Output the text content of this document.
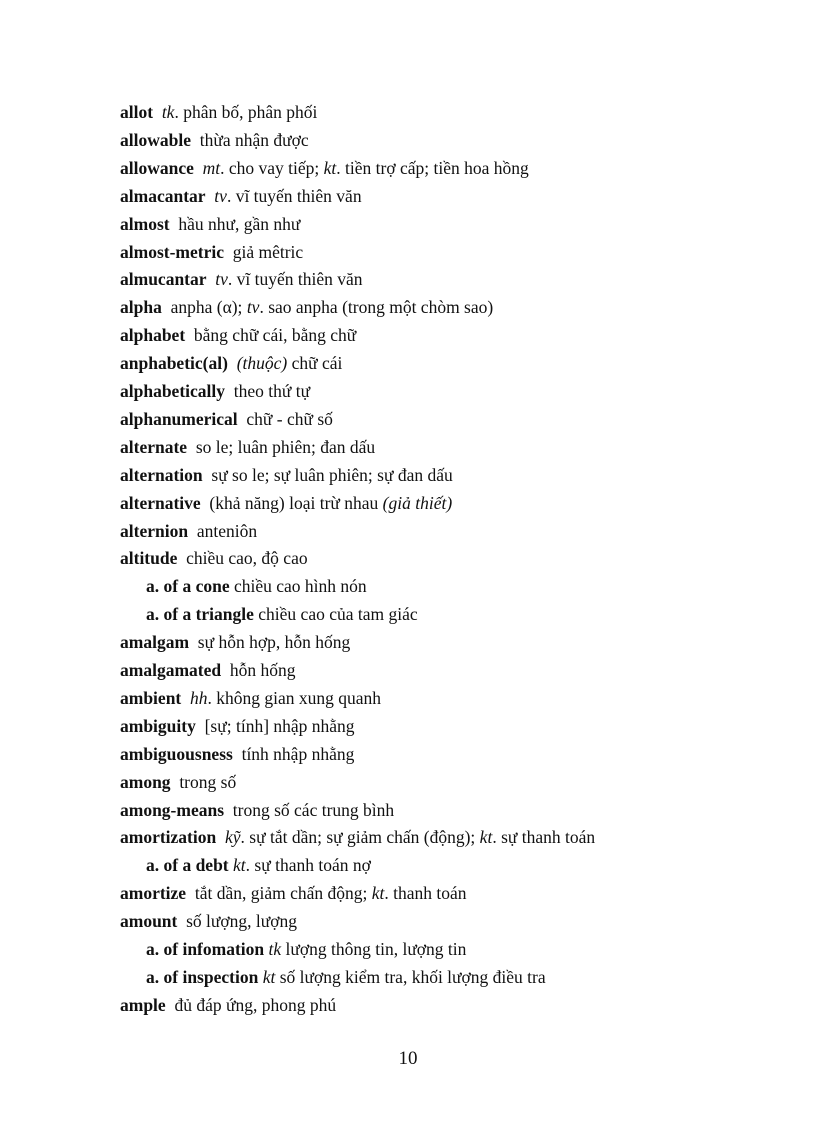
allot tk. phân bố, phân phối
allowable  thừa nhận được
allowance mt. cho vay tiếp; kt. tiền trợ cấp; tiền hoa hồng
almacantar tv. vĩ tuyến thiên văn
almost  hầu như, gần như
almost-metric  giả mêtric
almucantar tv. vĩ tuyến thiên văn
alpha  anpha (α); tv. sao anpha (trong một chòm sao)
alphabet  bằng chữ cái, bằng chữ
anphabetic(al) (thuộc) chữ cái
alphabetically  theo thứ tự
alphanumerical  chữ - chữ số
alternate  so le; luân phiên; đan dấu
alternation  sự so le; sự luân phiên; sự đan dấu
alternative  (khả năng) loại trừ nhau (giả thiết)
alternion  anteniôn
altitude  chiều cao, độ cao
a. of a cone chiều cao hình nón
a. of a triangle chiều cao của tam giác
amalgam  sự hỗn hợp, hỗn hống
amalgamated  hỗn hống
ambient hh. không gian xung quanh
ambiguity  [sự; tính] nhập nhằng
ambiguousness  tính nhập nhằng
among  trong số
among-means  trong số các trung bình
amortization kỹ. sự tắt dần; sự giảm chấn (động); kt. sự thanh toán
a. of a debt kt. sự thanh toán nợ
amortize  tắt dần, giảm chấn động; kt. thanh toán
amount  số lượng, lượng
a. of infomation tk lượng thông tin, lượng tin
a. of inspection kt số lượng kiểm tra, khối lượng điều tra
ample  đủ đáp ứng, phong phú
10
